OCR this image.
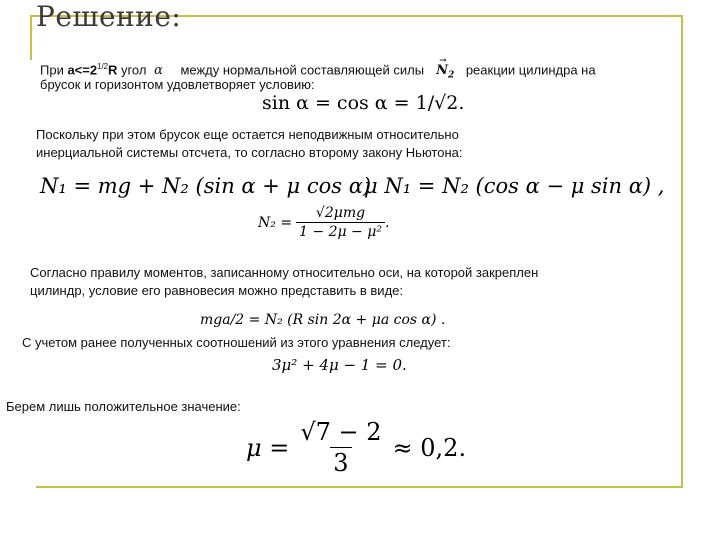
Решение:
При $a<=2^{1/2}R$ угол α между нормальной составляющей силы→ $N_2$ реакции цилиндра на
брусок и горизонтом удовлетворяет условию:
sin α = cos α = 1/√2.
Поскольку при этом брусок еще остается неподвижным относительно
инерциальной системы отсчета, то согласно второму закону Ньютона:
N₁ = mg + N₂ (sin α + μ cos α)
μ N₁ = N₂ (cos α − μ sin α) ,
$N_2 = \frac{\text{√2μmg}}{\text{1 − 2μ − μ²}}$ .
Согласно правилу моментов, записанному относительно оси, на которой закреплен
цилиндр, условие его равновесия можно представить в виде:
mga/2 = N₂ (R sin 2α + μa cos α) .
С учетом ранее полученных соотношений из этого уравнения следует:
3μ² + 4μ − 1 = 0.
Берем лишь положительное значение:
$\mu = \frac{√7 - 2}{3} \approx 0,2$.
